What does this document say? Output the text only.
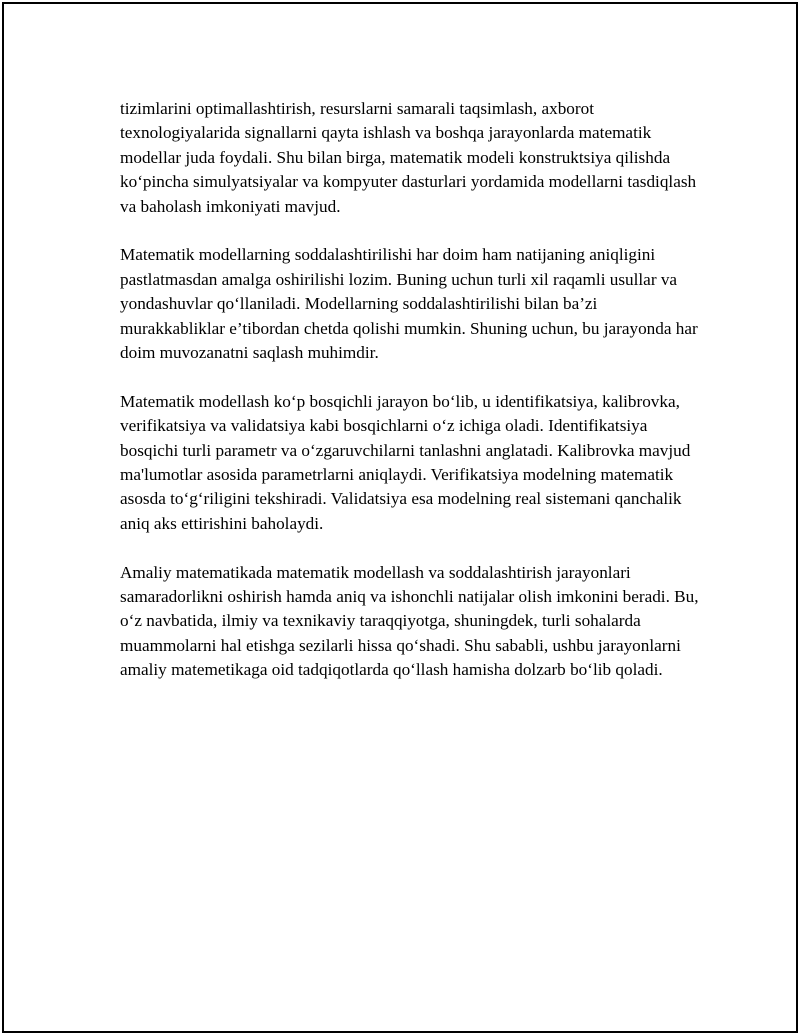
tizimlarini optimallashtirish, resurslarni samarali taqsimlash, axborot texnologiyalarida signallarni qayta ishlash va boshqa jarayonlarda matematik modellar juda foydali. Shu bilan birga, matematik modeli konstruktsiya qilishda ko‘pincha simulyatsiyalar va kompyuter dasturlari yordamida modellarni tasdiqlash va baholash imkoniyati mavjud.

Matematik modellarning soddalashtirilishi har doim ham natijaning aniqligini pastlatmasdan amalga oshirilishi lozim. Buning uchun turli xil raqamli usullar va yondashuvlar qo‘llaniladi. Modellarning soddalashtirilishi bilan ba’zi murakkabliklar e’tibordan chetda qolishi mumkin. Shuning uchun, bu jarayonda har doim muvozanatni saqlash muhimdir.

Matematik modellash ko‘p bosqichli jarayon bo‘lib, u identifikatsiya, kalibrovka, verifikatsiya va validatsiya kabi bosqichlarni o‘z ichiga oladi. Identifikatsiya bosqichi turli parametr va o‘zgaruvchilarni tanlashni anglatadi. Kalibrovka mavjud ma'lumotlar asosida parametrlarni aniqlaydi. Verifikatsiya modelning matematik asosda to‘g‘riligini tekshiradi. Validatsiya esa modelning real sistemani qanchalik aniq aks ettirishini baholaydi.

Amaliy matematikada matematik modellash va soddalashtirish jarayonlari samaradorlikni oshirish hamda aniq va ishonchli natijalar olish imkonini beradi. Bu, o‘z navbatida, ilmiy va texnikaviy taraqqiyotga, shuningdek, turli sohalarda muammolarni hal etishga sezilarli hissa qo‘shadi. Shu sababli, ushbu jarayonlarni amaliy matemetikaga oid tadqiqotlarda qo‘llash hamisha dolzarb bo‘lib qoladi.
